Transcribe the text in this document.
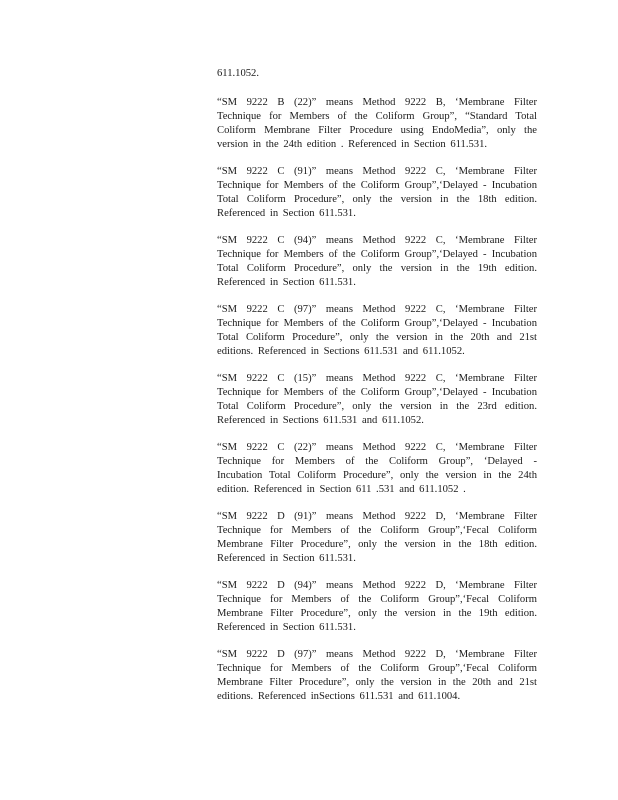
611.1052.

“SM 9222 B (22)” means Method 9222 B, ‘Membrane Filter Technique for Members of the Coliform Group”, “Standard Total Coliform Membrane Filter Procedure using EndoMedia”, only the version in the 24th edition . Referenced in Section 611.531.

“SM 9222 C (91)” means Method 9222 C, ‘Membrane Filter Technique for Members of the Coliform Group”,‘Delayed - Incubation Total Coliform Procedure”, only the version in the 18th edition. Referenced in Section 611.531.

“SM 9222 C (94)” means Method 9222 C, ‘Membrane Filter Technique for Members of the Coliform Group”,‘Delayed - Incubation Total Coliform Procedure”, only the version in the 19th edition. Referenced in Section 611.531.

“SM 9222 C (97)” means Method 9222 C, ‘Membrane Filter Technique for Members of the Coliform Group”,‘Delayed - Incubation Total Coliform Procedure”, only the version in the 20th and 21st editions. Referenced in Sections 611.531 and 611.1052.

“SM 9222 C (15)” means Method 9222 C, ‘Membrane Filter Technique for Members of the Coliform Group”,‘Delayed - Incubation Total Coliform Procedure”, only the version in the 23rd edition. Referenced in Sections 611.531 and 611.1052.

“SM 9222 C (22)” means Method 9222 C, ‘Membrane Filter Technique for Members of the Coliform Group”, ‘Delayed - Incubation Total Coliform Procedure”, only the version in the 24th edition. Referenced in Section 611 .531 and 611.1052 .

“SM 9222 D (91)” means Method 9222 D, ‘Membrane Filter Technique for Members of the Coliform Group”,‘Fecal Coliform Membrane Filter Procedure”, only the version in the 18th edition. Referenced in Section 611.531.

“SM 9222 D (94)” means Method 9222 D, ‘Membrane Filter Technique for Members of the Coliform Group”,‘Fecal Coliform Membrane Filter Procedure”, only the version in the 19th edition. Referenced in Section 611.531.

“SM 9222 D (97)” means Method 9222 D, ‘Membrane Filter Technique for Members of the Coliform Group”,‘Fecal Coliform Membrane Filter Procedure”, only the version in the 20th and 21st editions. Referenced inSections 611.531 and 611.1004.
